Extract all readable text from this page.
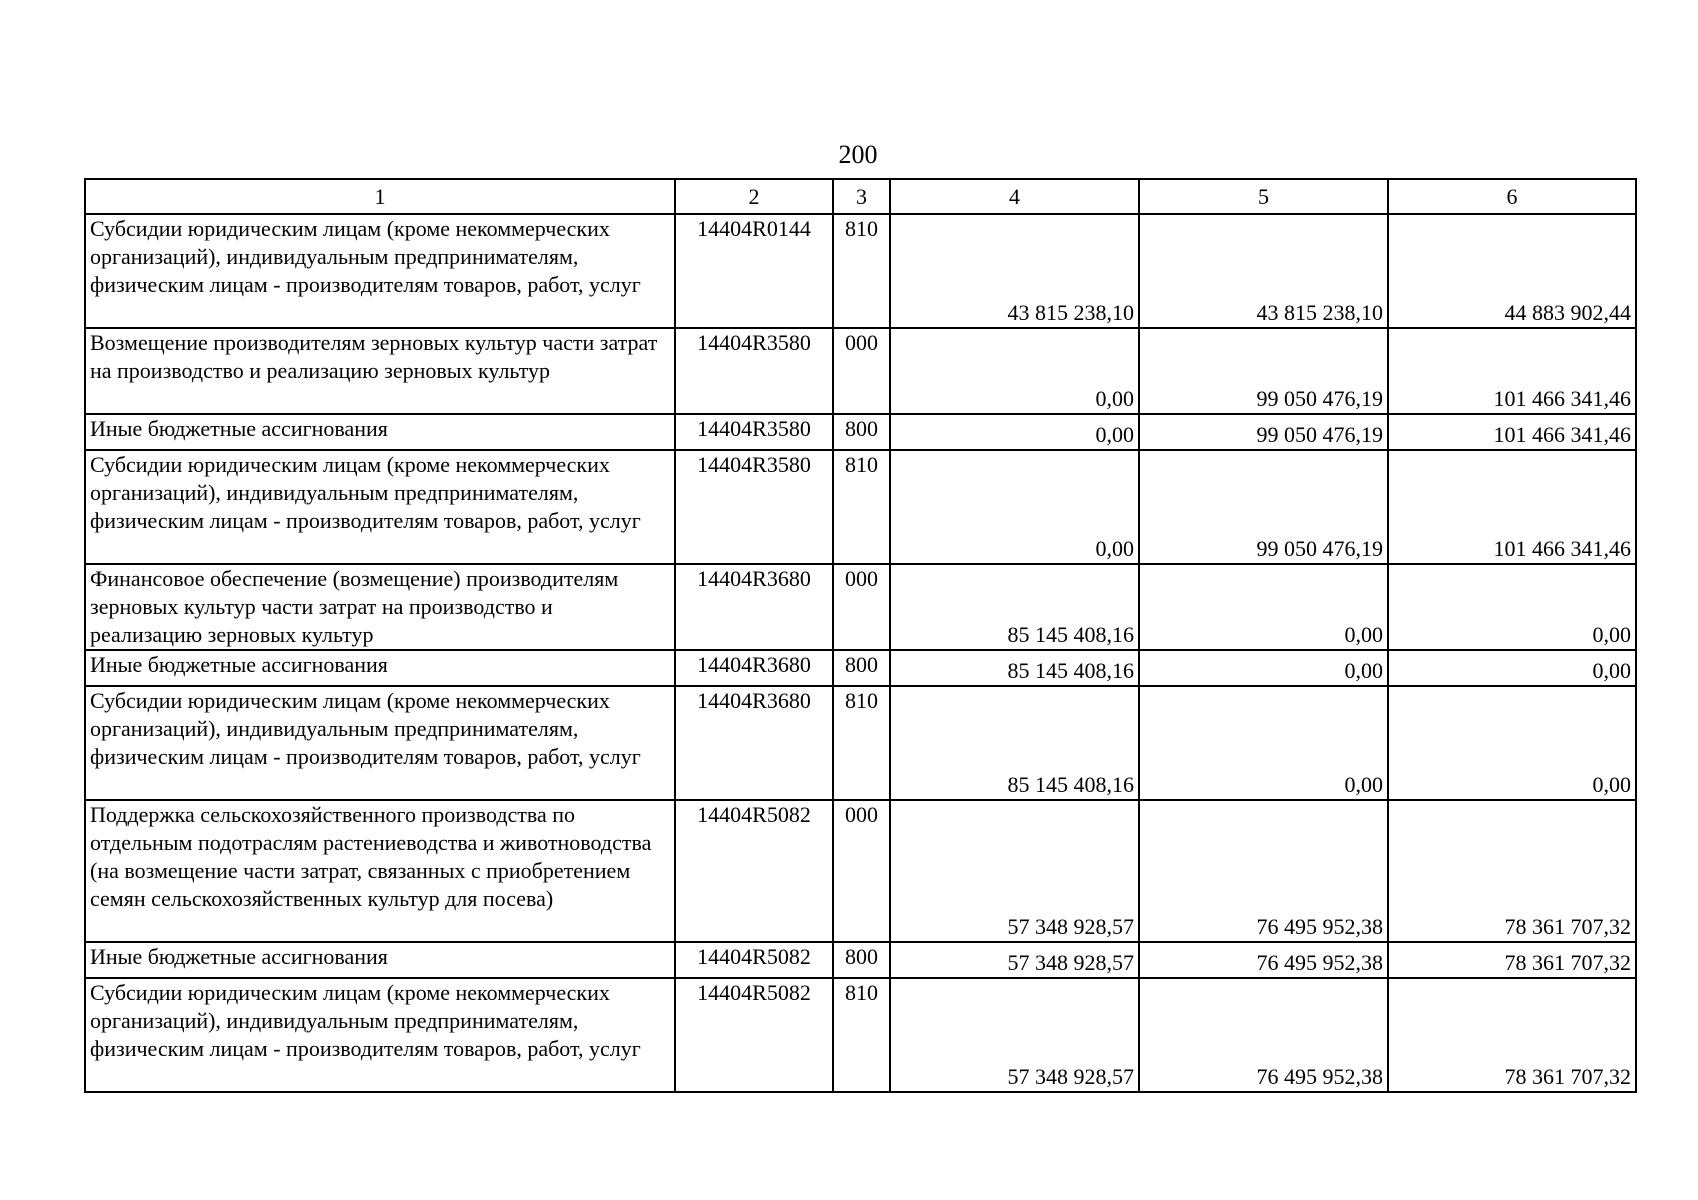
200
1	2	3	4	5	6
Субсидии юридическим лицам (кроме некоммерческих организаций), индивидуальным предпринимателям, физическим лицам - производителям товаров, работ, услуг	14404R0144	810	43 815 238,10	43 815 238,10	44 883 902,44
Возмещение производителям зерновых культур части затрат на производство и реализацию зерновых культур	14404R3580	000	0,00	99 050 476,19	101 466 341,46
Иные бюджетные ассигнования	14404R3580	800	0,00	99 050 476,19	101 466 341,46
Субсидии юридическим лицам (кроме некоммерческих организаций), индивидуальным предпринимателям, физическим лицам - производителям товаров, работ, услуг	14404R3580	810	0,00	99 050 476,19	101 466 341,46
Финансовое обеспечение (возмещение) производителям зерновых культур части затрат на производство и реализацию зерновых культур	14404R3680	000	85 145 408,16	0,00	0,00
Иные бюджетные ассигнования	14404R3680	800	85 145 408,16	0,00	0,00
Субсидии юридическим лицам (кроме некоммерческих организаций), индивидуальным предпринимателям, физическим лицам - производителям товаров, работ, услуг	14404R3680	810	85 145 408,16	0,00	0,00
Поддержка сельскохозяйственного производства по отдельным подотраслям растениеводства и животноводства (на возмещение части затрат, связанных с приобретением семян сельскохозяйственных культур для посева)	14404R5082	000	57 348 928,57	76 495 952,38	78 361 707,32
Иные бюджетные ассигнования	14404R5082	800	57 348 928,57	76 495 952,38	78 361 707,32
Субсидии юридическим лицам (кроме некоммерческих организаций), индивидуальным предпринимателям, физическим лицам - производителям товаров, работ, услуг	14404R5082	810	57 348 928,57	76 495 952,38	78 361 707,32
